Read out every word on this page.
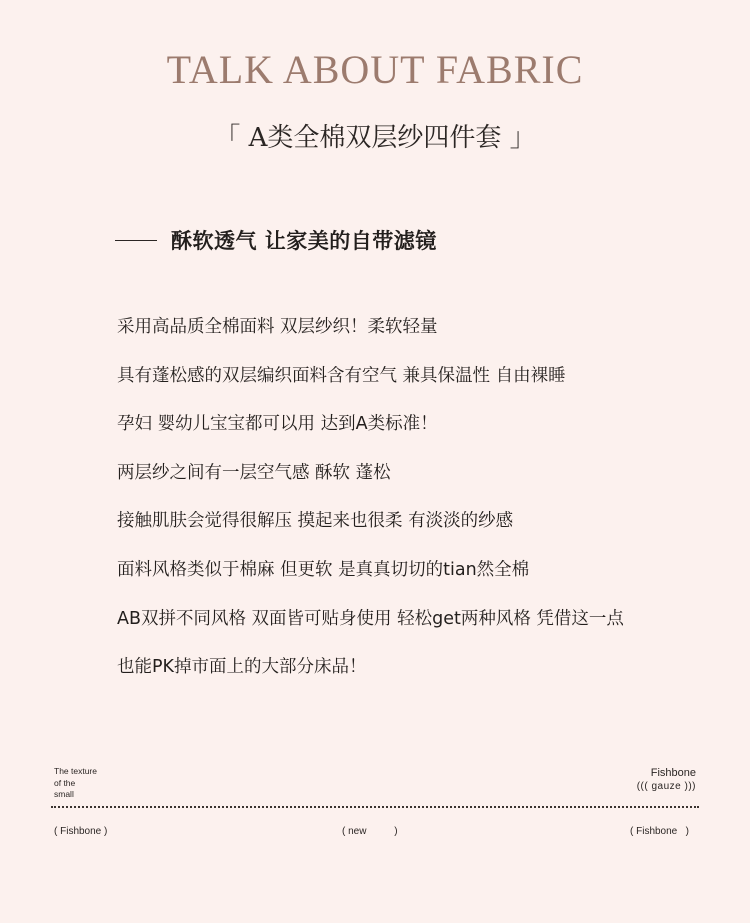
TALK ABOUT FABRIC
「 A类全棉双层纱四件套 」
酥软透气 让家美的自带滤镜
采用高品质全棉面料 双层纱织！柔软轻量
具有蓬松感的双层编织面料含有空气 兼具保温性 自由裸睡
孕妇 婴幼儿宝宝都可以用 达到A类标准！
两层纱之间有一层空气感 酥软 蓬松
接触肌肤会觉得很解压 摸起来也很柔 有淡淡的纱感
面料风格类似于棉麻 但更软 是真真切切的tian然全棉
AB双拼不同风格 双面皆可贴身使用 轻松get两种风格 凭借这一点
也能PK掉市面上的大部分床品！
The texture
of the
small
Fishbone
((( gauze )))
( Fishbone )	( new          )	( Fishbone   )
